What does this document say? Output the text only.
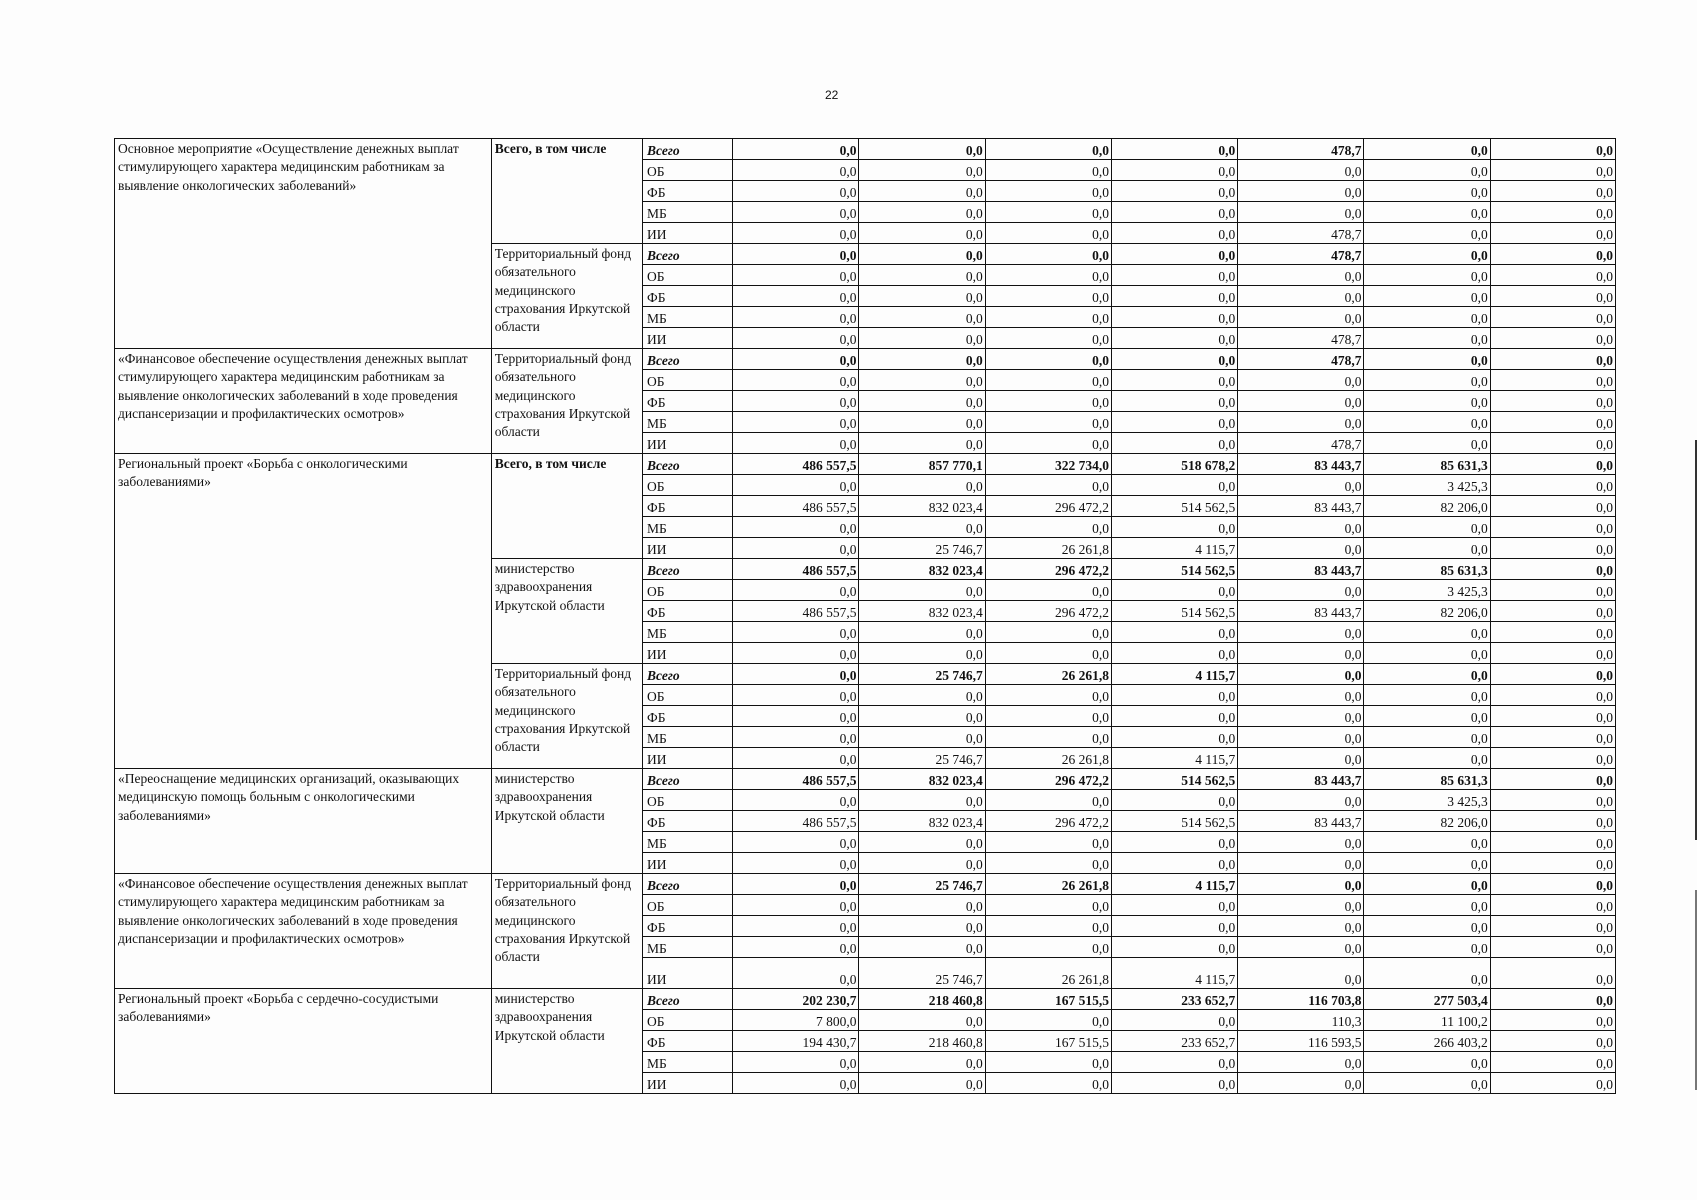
22
Основное мероприятие «Осуществление денежных выплат стимулирующего характера медицинским работникам за выявление онкологических заболеваний»	Всего, в том числе	Всего	0,0	0,0	0,0	0,0	478,7	0,0	0,0
		ОБ	0,0	0,0	0,0	0,0	0,0	0,0	0,0
		ФБ	0,0	0,0	0,0	0,0	0,0	0,0	0,0
		МБ	0,0	0,0	0,0	0,0	0,0	0,0	0,0
		ИИ	0,0	0,0	0,0	0,0	478,7	0,0	0,0
	Территориальный фонд обязательного медицинского страхования Иркутской области	Всего	0,0	0,0	0,0	0,0	478,7	0,0	0,0
		ОБ	0,0	0,0	0,0	0,0	0,0	0,0	0,0
		ФБ	0,0	0,0	0,0	0,0	0,0	0,0	0,0
		МБ	0,0	0,0	0,0	0,0	0,0	0,0	0,0
		ИИ	0,0	0,0	0,0	0,0	478,7	0,0	0,0
«Финансовое обеспечение осуществления денежных выплат стимулирующего характера медицинским работникам за выявление онкологических заболеваний в ходе проведения диспансеризации и профилактических осмотров»	Территориальный фонд обязательного медицинского страхования Иркутской области	Всего	0,0	0,0	0,0	0,0	478,7	0,0	0,0
		ОБ	0,0	0,0	0,0	0,0	0,0	0,0	0,0
		ФБ	0,0	0,0	0,0	0,0	0,0	0,0	0,0
		МБ	0,0	0,0	0,0	0,0	0,0	0,0	0,0
		ИИ	0,0	0,0	0,0	0,0	478,7	0,0	0,0
Региональный проект «Борьба с онкологическими заболеваниями»	Всего, в том числе	Всего	486 557,5	857 770,1	322 734,0	518 678,2	83 443,7	85 631,3	0,0
		ОБ	0,0	0,0	0,0	0,0	0,0	3 425,3	0,0
		ФБ	486 557,5	832 023,4	296 472,2	514 562,5	83 443,7	82 206,0	0,0
		МБ	0,0	0,0	0,0	0,0	0,0	0,0	0,0
		ИИ	0,0	25 746,7	26 261,8	4 115,7	0,0	0,0	0,0
	министерство здравоохранения Иркутской области	Всего	486 557,5	832 023,4	296 472,2	514 562,5	83 443,7	85 631,3	0,0
		ОБ	0,0	0,0	0,0	0,0	0,0	3 425,3	0,0
		ФБ	486 557,5	832 023,4	296 472,2	514 562,5	83 443,7	82 206,0	0,0
		МБ	0,0	0,0	0,0	0,0	0,0	0,0	0,0
		ИИ	0,0	0,0	0,0	0,0	0,0	0,0	0,0
	Территориальный фонд обязательного медицинского страхования Иркутской области	Всего	0,0	25 746,7	26 261,8	4 115,7	0,0	0,0	0,0
		ОБ	0,0	0,0	0,0	0,0	0,0	0,0	0,0
		ФБ	0,0	0,0	0,0	0,0	0,0	0,0	0,0
		МБ	0,0	0,0	0,0	0,0	0,0	0,0	0,0
		ИИ	0,0	25 746,7	26 261,8	4 115,7	0,0	0,0	0,0
«Переоснащение медицинских организаций, оказывающих медицинскую помощь больным с онкологическими заболеваниями»	министерство здравоохранения Иркутской области	Всего	486 557,5	832 023,4	296 472,2	514 562,5	83 443,7	85 631,3	0,0
		ОБ	0,0	0,0	0,0	0,0	0,0	3 425,3	0,0
		ФБ	486 557,5	832 023,4	296 472,2	514 562,5	83 443,7	82 206,0	0,0
		МБ	0,0	0,0	0,0	0,0	0,0	0,0	0,0
		ИИ	0,0	0,0	0,0	0,0	0,0	0,0	0,0
«Финансовое обеспечение осуществления денежных выплат стимулирующего характера медицинским работникам за выявление онкологических заболеваний в ходе проведения диспансеризации и профилактических осмотров»	Территориальный фонд обязательного медицинского страхования Иркутской области	Всего	0,0	25 746,7	26 261,8	4 115,7	0,0	0,0	0,0
		ОБ	0,0	0,0	0,0	0,0	0,0	0,0	0,0
		ФБ	0,0	0,0	0,0	0,0	0,0	0,0	0,0
		МБ	0,0	0,0	0,0	0,0	0,0	0,0	0,0
		ИИ	0,0	25 746,7	26 261,8	4 115,7	0,0	0,0	0,0
Региональный проект «Борьба с сердечно-сосудистыми заболеваниями»	министерство здравоохранения Иркутской области	Всего	202 230,7	218 460,8	167 515,5	233 652,7	116 703,8	277 503,4	0,0
		ОБ	7 800,0	0,0	0,0	0,0	110,3	11 100,2	0,0
		ФБ	194 430,7	218 460,8	167 515,5	233 652,7	116 593,5	266 403,2	0,0
		МБ	0,0	0,0	0,0	0,0	0,0	0,0	0,0
		ИИ	0,0	0,0	0,0	0,0	0,0	0,0	0,0
